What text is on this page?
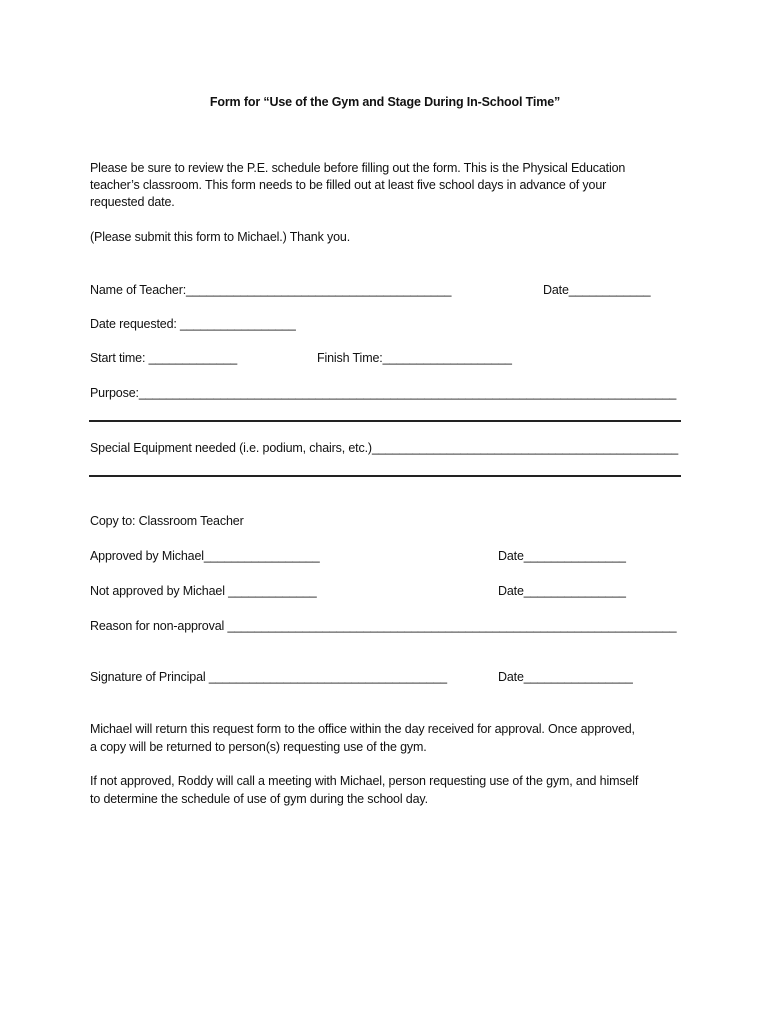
Form for “Use of the Gym and Stage During In-School Time”
Please be sure to review the P.E. schedule before filling out the form. This is the Physical Education
teacher’s classroom. This form needs to be filled out at least five school days in advance of your
requested date.
(Please submit this form to Michael.) Thank you.
Name of Teacher:_______________________________________	Date____________
Date requested: _________________
Start time: _____________	Finish Time:___________________
Purpose:_______________________________________________________________________________
Special Equipment needed (i.e. podium, chairs, etc.)_____________________________________________
Copy to: Classroom Teacher
Approved by Michael_________________	Date_______________
Not approved by Michael _____________	Date_______________
Reason for non-approval __________________________________________________________________
Signature of Principal ___________________________________	Date________________
Michael will return this request form to the office within the day received for approval. Once approved,
a copy will be returned to person(s) requesting use of the gym.
If not approved, Roddy will call a meeting with Michael, person requesting use of the gym, and himself
to determine the schedule of use of gym during the school day.
